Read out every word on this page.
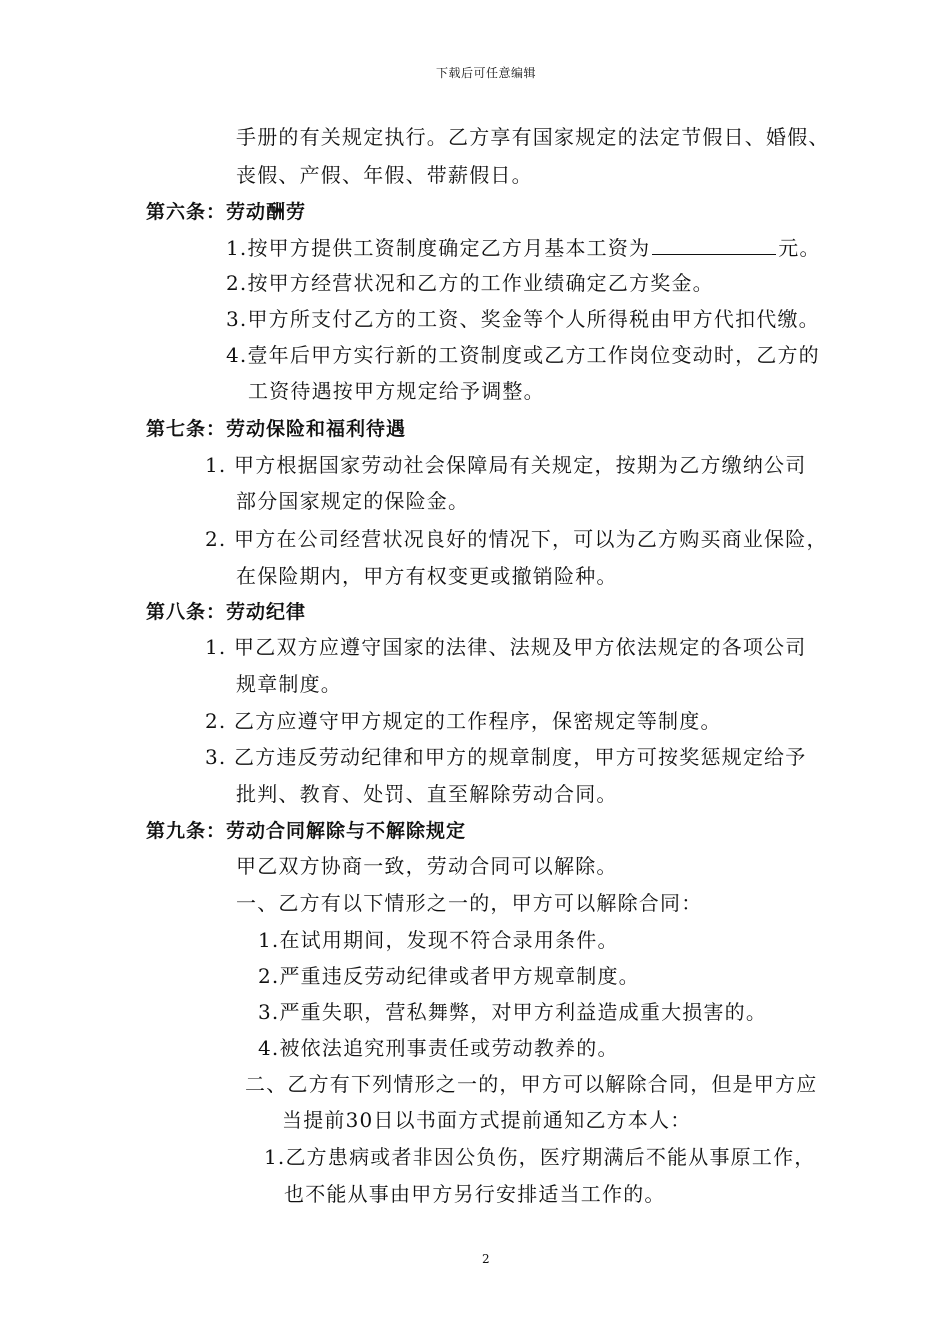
下载后可任意编辑
手册的有关规定执行。乙方享有国家规定的法定节假日、婚假、
丧假、产假、年假、带薪假日。
第六条：劳动酬劳
1.按甲方提供工资制度确定乙方月基本工资为	元。
2.按甲方经营状况和乙方的工作业绩确定乙方奖金。
3.甲方所支付乙方的工资、奖金等个人所得税由甲方代扣代缴。
4.壹年后甲方实行新的工资制度或乙方工作岗位变动时，乙方的
工资待遇按甲方规定给予调整。
第七条：劳动保险和福利待遇
1. 甲方根据国家劳动社会保障局有关规定，按期为乙方缴纳公司
部分国家规定的保险金。
2. 甲方在公司经营状况良好的情况下，可以为乙方购买商业保险，
在保险期内，甲方有权变更或撤销险种。
第八条：劳动纪律
1. 甲乙双方应遵守国家的法律、法规及甲方依法规定的各项公司
规章制度。
2. 乙方应遵守甲方规定的工作程序，保密规定等制度。
3. 乙方违反劳动纪律和甲方的规章制度，甲方可按奖惩规定给予
批判、教育、处罚、直至解除劳动合同。
第九条：劳动合同解除与不解除规定
甲乙双方协商一致，劳动合同可以解除。
一、乙方有以下情形之一的，甲方可以解除合同：
1.在试用期间，发现不符合录用条件。
2.严重违反劳动纪律或者甲方规章制度。
3.严重失职，营私舞弊，对甲方利益造成重大损害的。
4.被依法追究刑事责任或劳动教养的。
二、乙方有下列情形之一的，甲方可以解除合同，但是甲方应
当提前30日以书面方式提前通知乙方本人：
1.乙方患病或者非因公负伤，医疗期满后不能从事原工作，
也不能从事由甲方另行安排适当工作的。
2
